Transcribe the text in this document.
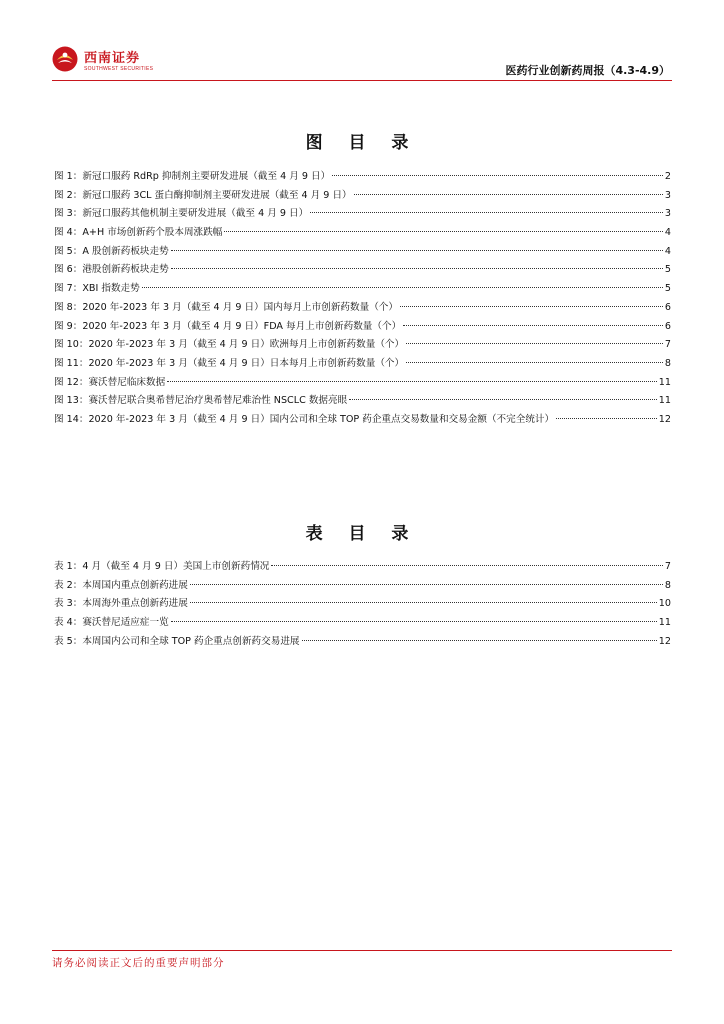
西南证券
SOUTHWEST SECURITIES	医药行业创新药周报（4.3-4.9）
图 目 录
图 1：新冠口服药 RdRp 抑制剂主要研发进展（截至 4 月 9 日）	2
图 2：新冠口服药 3CL 蛋白酶抑制剂主要研发进展（截至 4 月 9 日）	3
图 3：新冠口服药其他机制主要研发进展（截至 4 月 9 日）	3
图 4：A+H 市场创新药个股本周涨跌幅	4
图 5：A 股创新药板块走势	4
图 6：港股创新药板块走势	5
图 7：XBI 指数走势	5
图 8：2020 年-2023 年 3 月（截至 4 月 9 日）国内每月上市创新药数量（个）	6
图 9：2020 年-2023 年 3 月（截至 4 月 9 日）FDA 每月上市创新药数量（个）	6
图 10：2020 年-2023 年 3 月（截至 4 月 9 日）欧洲每月上市创新药数量（个）	7
图 11：2020 年-2023 年 3 月（截至 4 月 9 日）日本每月上市创新药数量（个）	8
图 12：赛沃替尼临床数据	11
图 13：赛沃替尼联合奥希替尼治疗奥希替尼难治性 NSCLC 数据亮眼	11
图 14：2020 年-2023 年 3 月（截至 4 月 9 日）国内公司和全球 TOP 药企重点交易数量和交易金额（不完全统计）	12
表 目 录
表 1：4 月（截至 4 月 9 日）美国上市创新药情况	7
表 2：本周国内重点创新药进展	8
表 3：本周海外重点创新药进展	10
表 4：赛沃替尼适应症一览	11
表 5：本周国内公司和全球 TOP 药企重点创新药交易进展	12
请务必阅读正文后的重要声明部分
